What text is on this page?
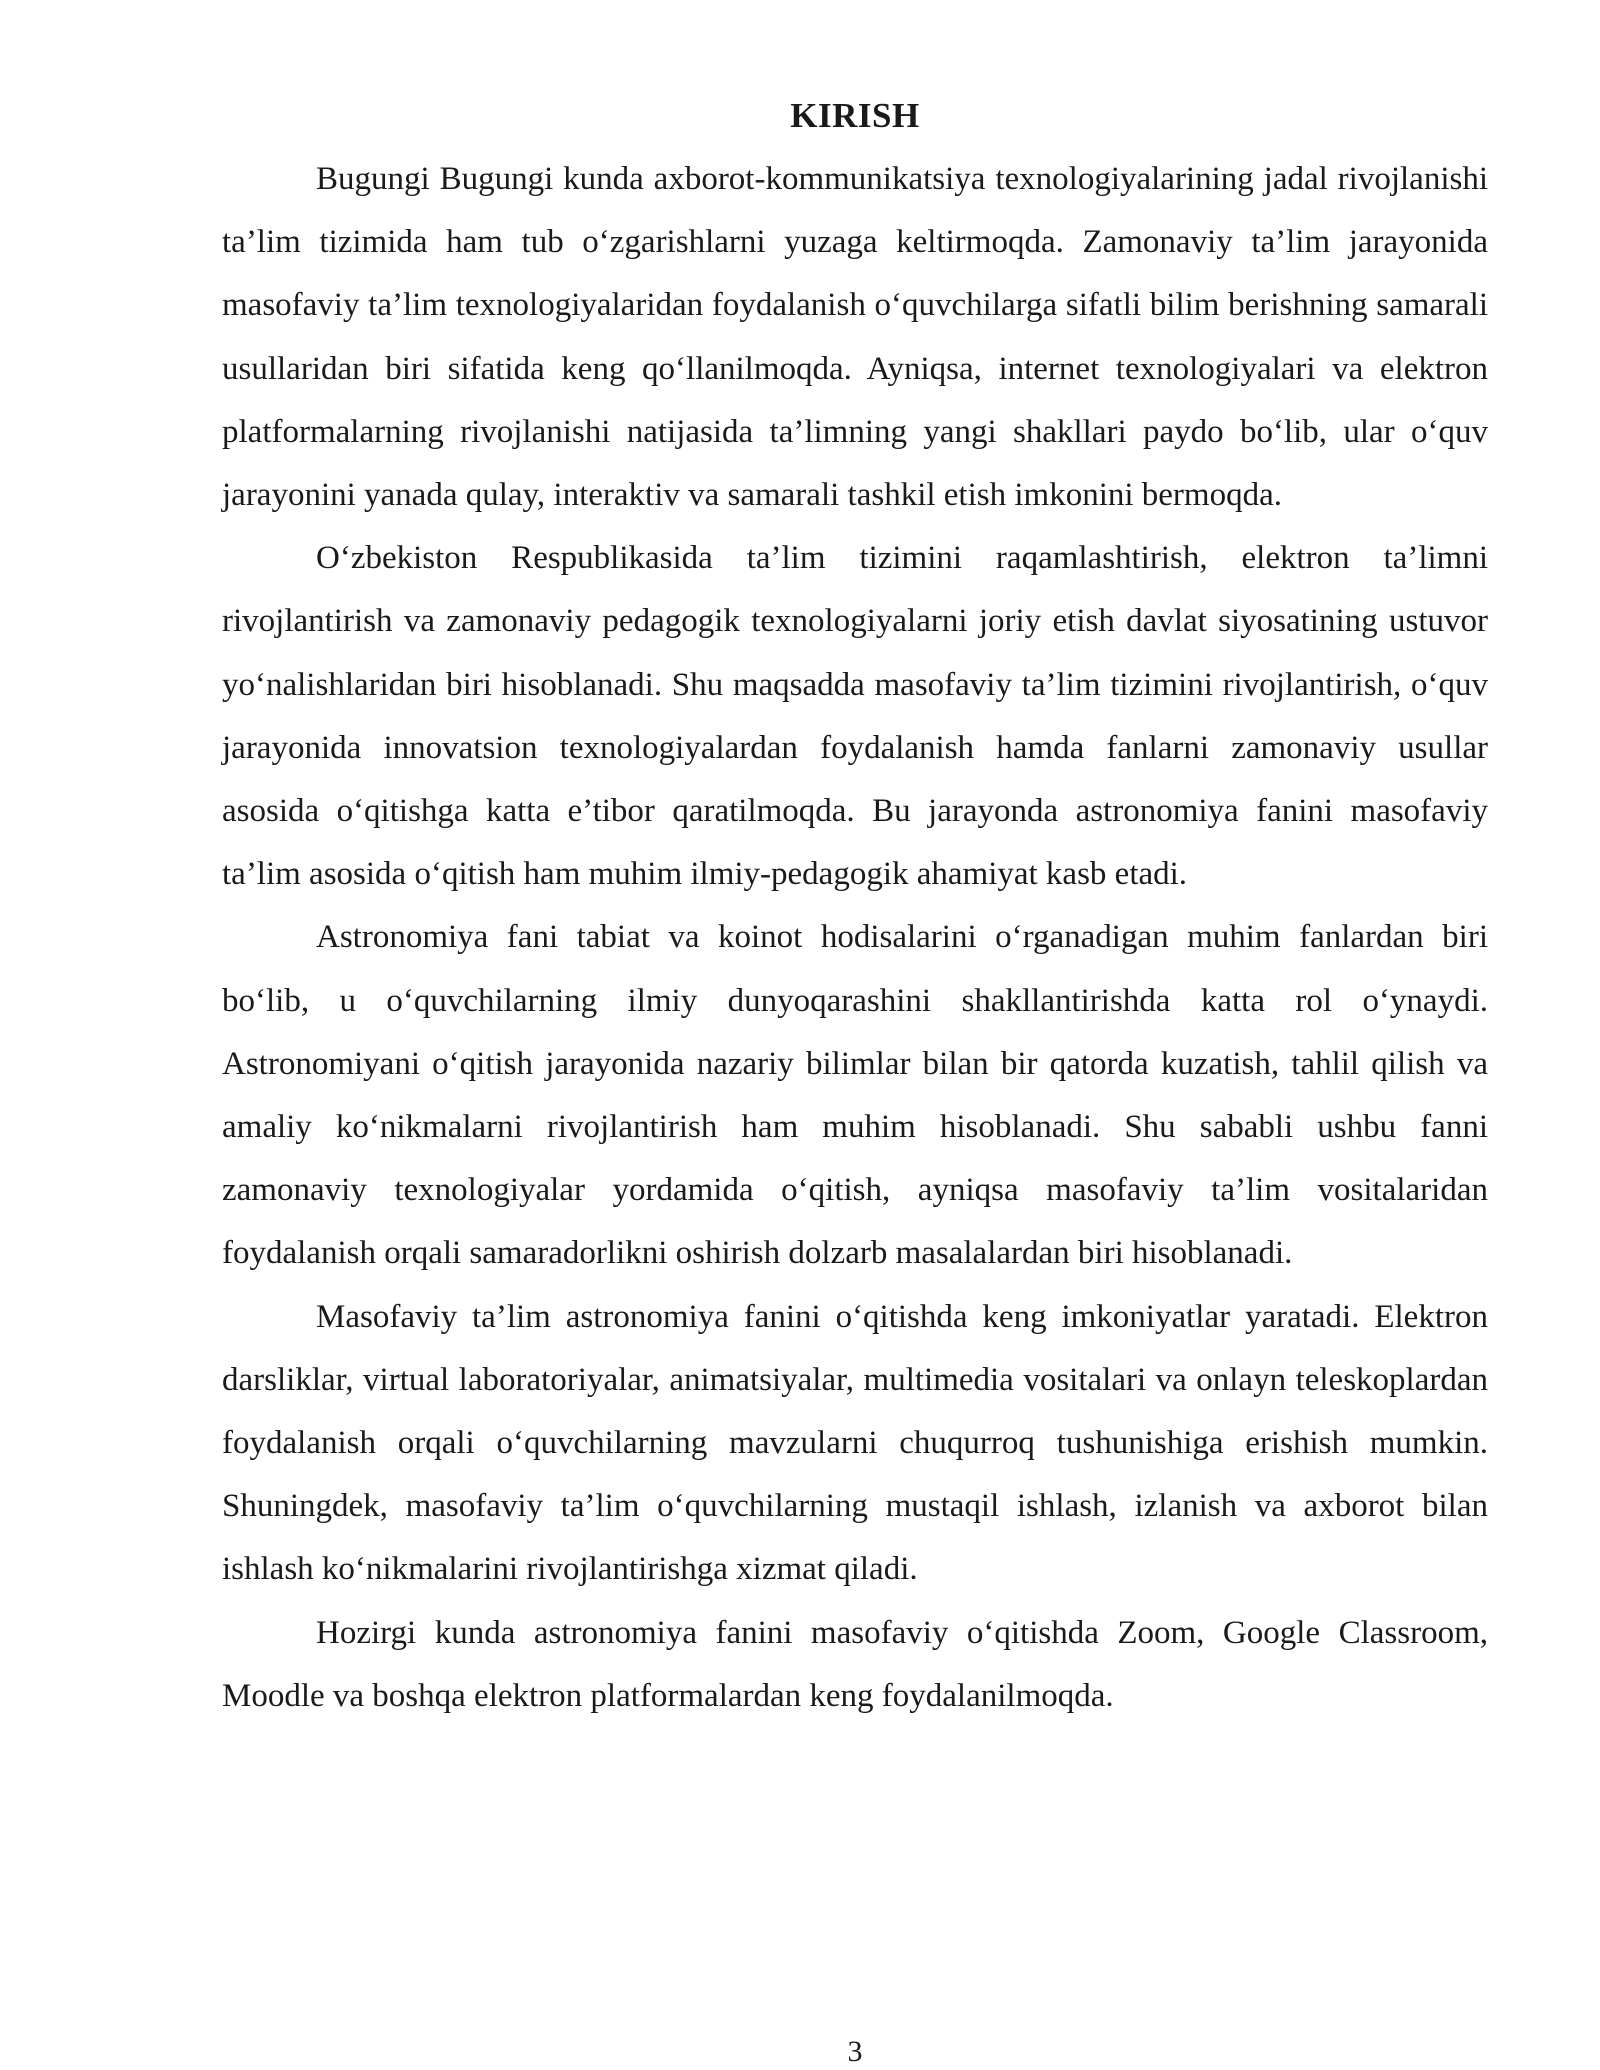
KIRISH

Bugungi Bugungi kunda axborot-kommunikatsiya texnologiyalarining jadal rivojlanishi ta’lim tizimida ham tub o‘zgarishlarni yuzaga keltirmoqda. Zamonaviy ta’lim jarayonida masofaviy ta’lim texnologiyalaridan foydalanish o‘quvchilarga sifatli bilim berishning samarali usullaridan biri sifatida keng qo‘llanilmoqda. Ayniqsa, internet texnologiyalari va elektron platformalarning rivojlanishi natijasida ta’limning yangi shakllari paydo bo‘lib, ular o‘quv jarayonini yanada qulay, interaktiv va samarali tashkil etish imkonini bermoqda.

O‘zbekiston Respublikasida ta’lim tizimini raqamlashtirish, elektron ta’limni rivojlantirish va zamonaviy pedagogik texnologiyalarni joriy etish davlat siyosatining ustuvor yo‘nalishlaridan biri hisoblanadi. Shu maqsadda masofaviy ta’lim tizimini rivojlantirish, o‘quv jarayonida innovatsion texnologiyalardan foydalanish hamda fanlarni zamonaviy usullar asosida o‘qitishga katta e’tibor qaratilmoqda. Bu jarayonda astronomiya fanini masofaviy ta’lim asosida o‘qitish ham muhim ilmiy-pedagogik ahamiyat kasb etadi.

Astronomiya fani tabiat va koinot hodisalarini o‘rganadigan muhim fanlardan biri bo‘lib, u o‘quvchilarning ilmiy dunyoqarashini shakllantirishda katta rol o‘ynaydi. Astronomiyani o‘qitish jarayonida nazariy bilimlar bilan bir qatorda kuzatish, tahlil qilish va amaliy ko‘nikmalarni rivojlantirish ham muhim hisoblanadi. Shu sababli ushbu fanni zamonaviy texnologiyalar yordamida o‘qitish, ayniqsa masofaviy ta’lim vositalaridan foydalanish orqali samaradorlikni oshirish dolzarb masalalardan biri hisoblanadi.

Masofaviy ta’lim astronomiya fanini o‘qitishda keng imkoniyatlar yaratadi. Elektron darsliklar, virtual laboratoriyalar, animatsiyalar, multimedia vositalari va onlayn teleskoplardan foydalanish orqali o‘quvchilarning mavzularni chuqurroq tushunishiga erishish mumkin. Shuningdek, masofaviy ta’lim o‘quvchilarning mustaqil ishlash, izlanish va axborot bilan ishlash ko‘nikmalarini rivojlantirishga xizmat qiladi.

Hozirgi kunda astronomiya fanini masofaviy o‘qitishda Zoom, Google Classroom, Moodle va boshqa elektron platformalardan keng foydalanilmoqda.

3
